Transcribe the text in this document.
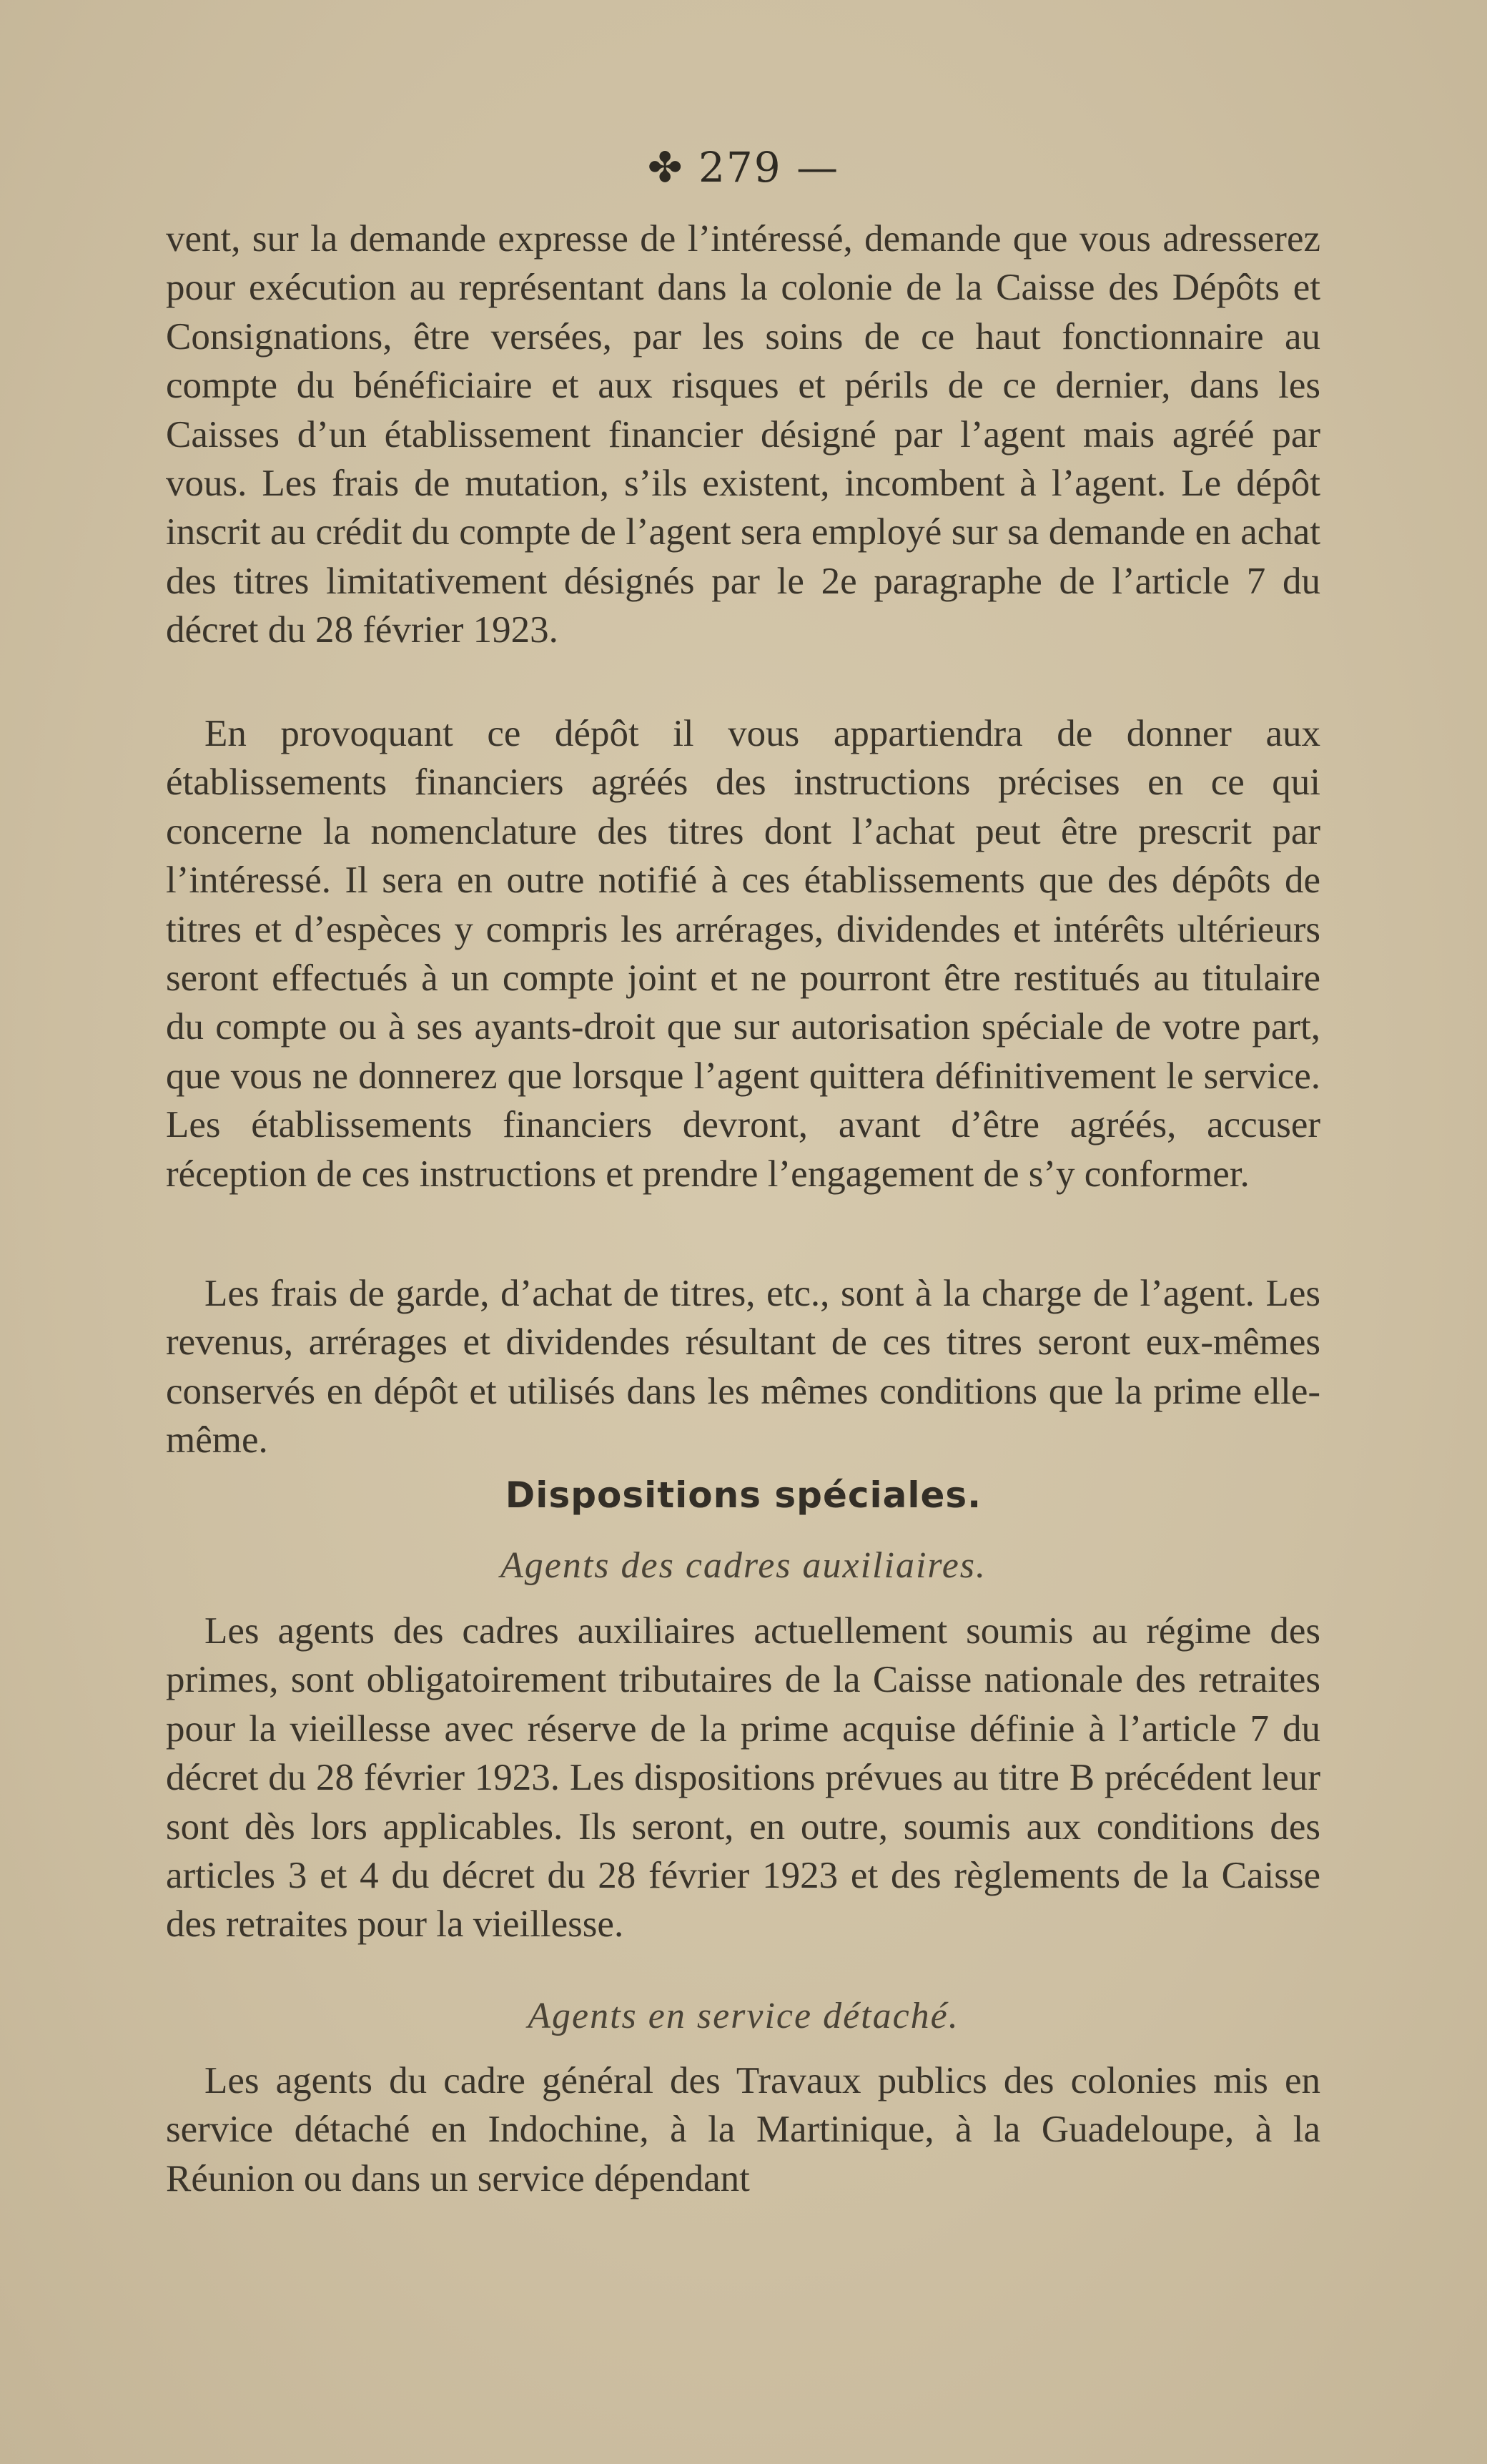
✤ 279 —

vent, sur la demande expresse de l’intéressé, demande que vous adresserez pour exécution au représentant dans la colonie de la Caisse des Dépôts et Consignations, être versées, par les soins de ce haut fonctionnaire au compte du bénéficiaire et aux risques et périls de ce dernier, dans les Caisses d’un établissement financier désigné par l’agent mais agréé par vous. Les frais de mutation, s’ils existent, incombent à l’agent. Le dépôt inscrit au crédit du compte de l’agent sera employé sur sa demande en achat des titres limitativement désignés par le 2e paragraphe de l’article 7 du décret du 28 février 1923.

En provoquant ce dépôt il vous appartiendra de donner aux établissements financiers agréés des instructions précises en ce qui concerne la nomenclature des titres dont l’achat peut être prescrit par l’intéressé. Il sera en outre notifié à ces établissements que des dépôts de titres et d’espèces y compris les arrérages, dividendes et intérêts ultérieurs seront effectués à un compte joint et ne pourront être restitués au titulaire du compte ou à ses ayants-droit que sur autorisation spéciale de votre part, que vous ne donnerez que lorsque l’agent quittera définitivement le service. Les établissements financiers devront, avant d’être agréés, accuser réception de ces instructions et prendre l’engagement de s’y conformer.

Les frais de garde, d’achat de titres, etc., sont à la charge de l’agent. Les revenus, arrérages et dividendes résultant de ces titres seront eux-mêmes conservés en dépôt et utilisés dans les mêmes conditions que la prime elle-même.

Dispositions spéciales.
Agents des cadres auxiliaires.

Les agents des cadres auxiliaires actuellement soumis au régime des primes, sont obligatoirement tributaires de la Caisse nationale des retraites pour la vieillesse avec réserve de la prime acquise définie à l’article 7 du décret du 28 février 1923. Les dispositions prévues au titre B précédent leur sont dès lors applicables. Ils seront, en outre, soumis aux conditions des articles 3 et 4 du décret du 28 février 1923 et des règlements de la Caisse des retraites pour la vieillesse.

Agents en service détaché.

Les agents du cadre général des Travaux publics des colonies mis en service détaché en Indochine, à la Martinique, à la Guadeloupe, à la Réunion ou dans un service dépendant
